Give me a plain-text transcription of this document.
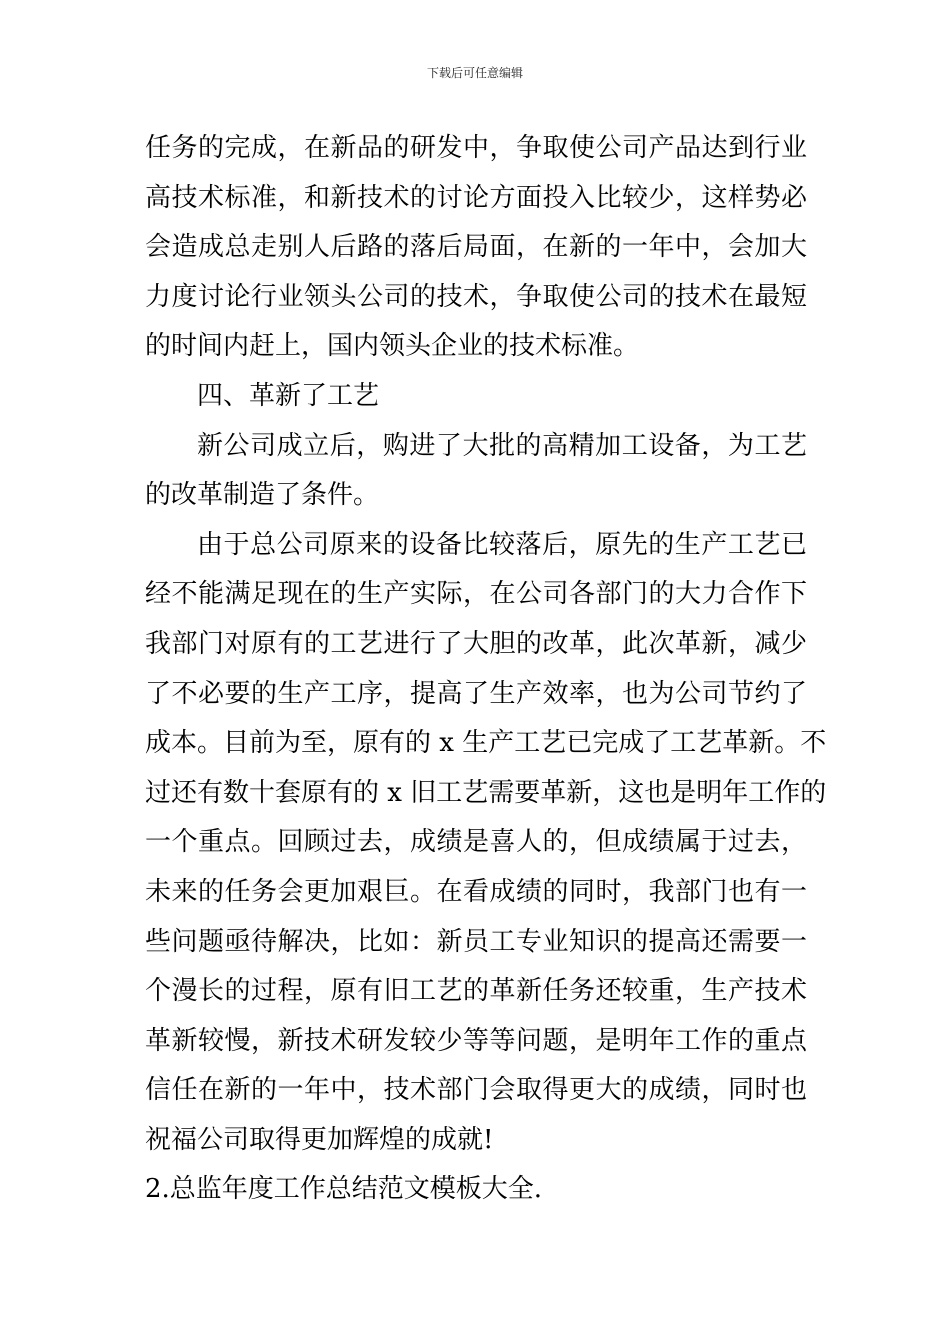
下载后可任意编辑
任务的完成，在新品的研发中，争取使公司产品达到行业
高技术标准，和新技术的讨论方面投入比较少，这样势必
会造成总走别人后路的落后局面，在新的一年中，会加大
力度讨论行业领头公司的技术，争取使公司的技术在最短
的时间内赶上，国内领头企业的技术标准。
四、革新了工艺
新公司成立后，购进了大批的高精加工设备，为工艺
的改革制造了条件。
由于总公司原来的设备比较落后，原先的生产工艺已
经不能满足现在的生产实际，在公司各部门的大力合作下
我部门对原有的工艺进行了大胆的改革，此次革新，减少
了不必要的生产工序，提高了生产效率，也为公司节约了
成本。目前为至，原有的 x 生产工艺已完成了工艺革新。不
过还有数十套原有的 x 旧工艺需要革新，这也是明年工作的
一个重点。回顾过去，成绩是喜人的，但成绩属于过去，
未来的任务会更加艰巨。在看成绩的同时，我部门也有一
些问题亟待解决，比如：新员工专业知识的提高还需要一
个漫长的过程，原有旧工艺的革新任务还较重，生产技术
革新较慢，新技术研发较少等等问题，是明年工作的重点
信任在新的一年中，技术部门会取得更大的成绩，同时也
祝福公司取得更加辉煌的成就!
2.总监年度工作总结范文模板大全.
